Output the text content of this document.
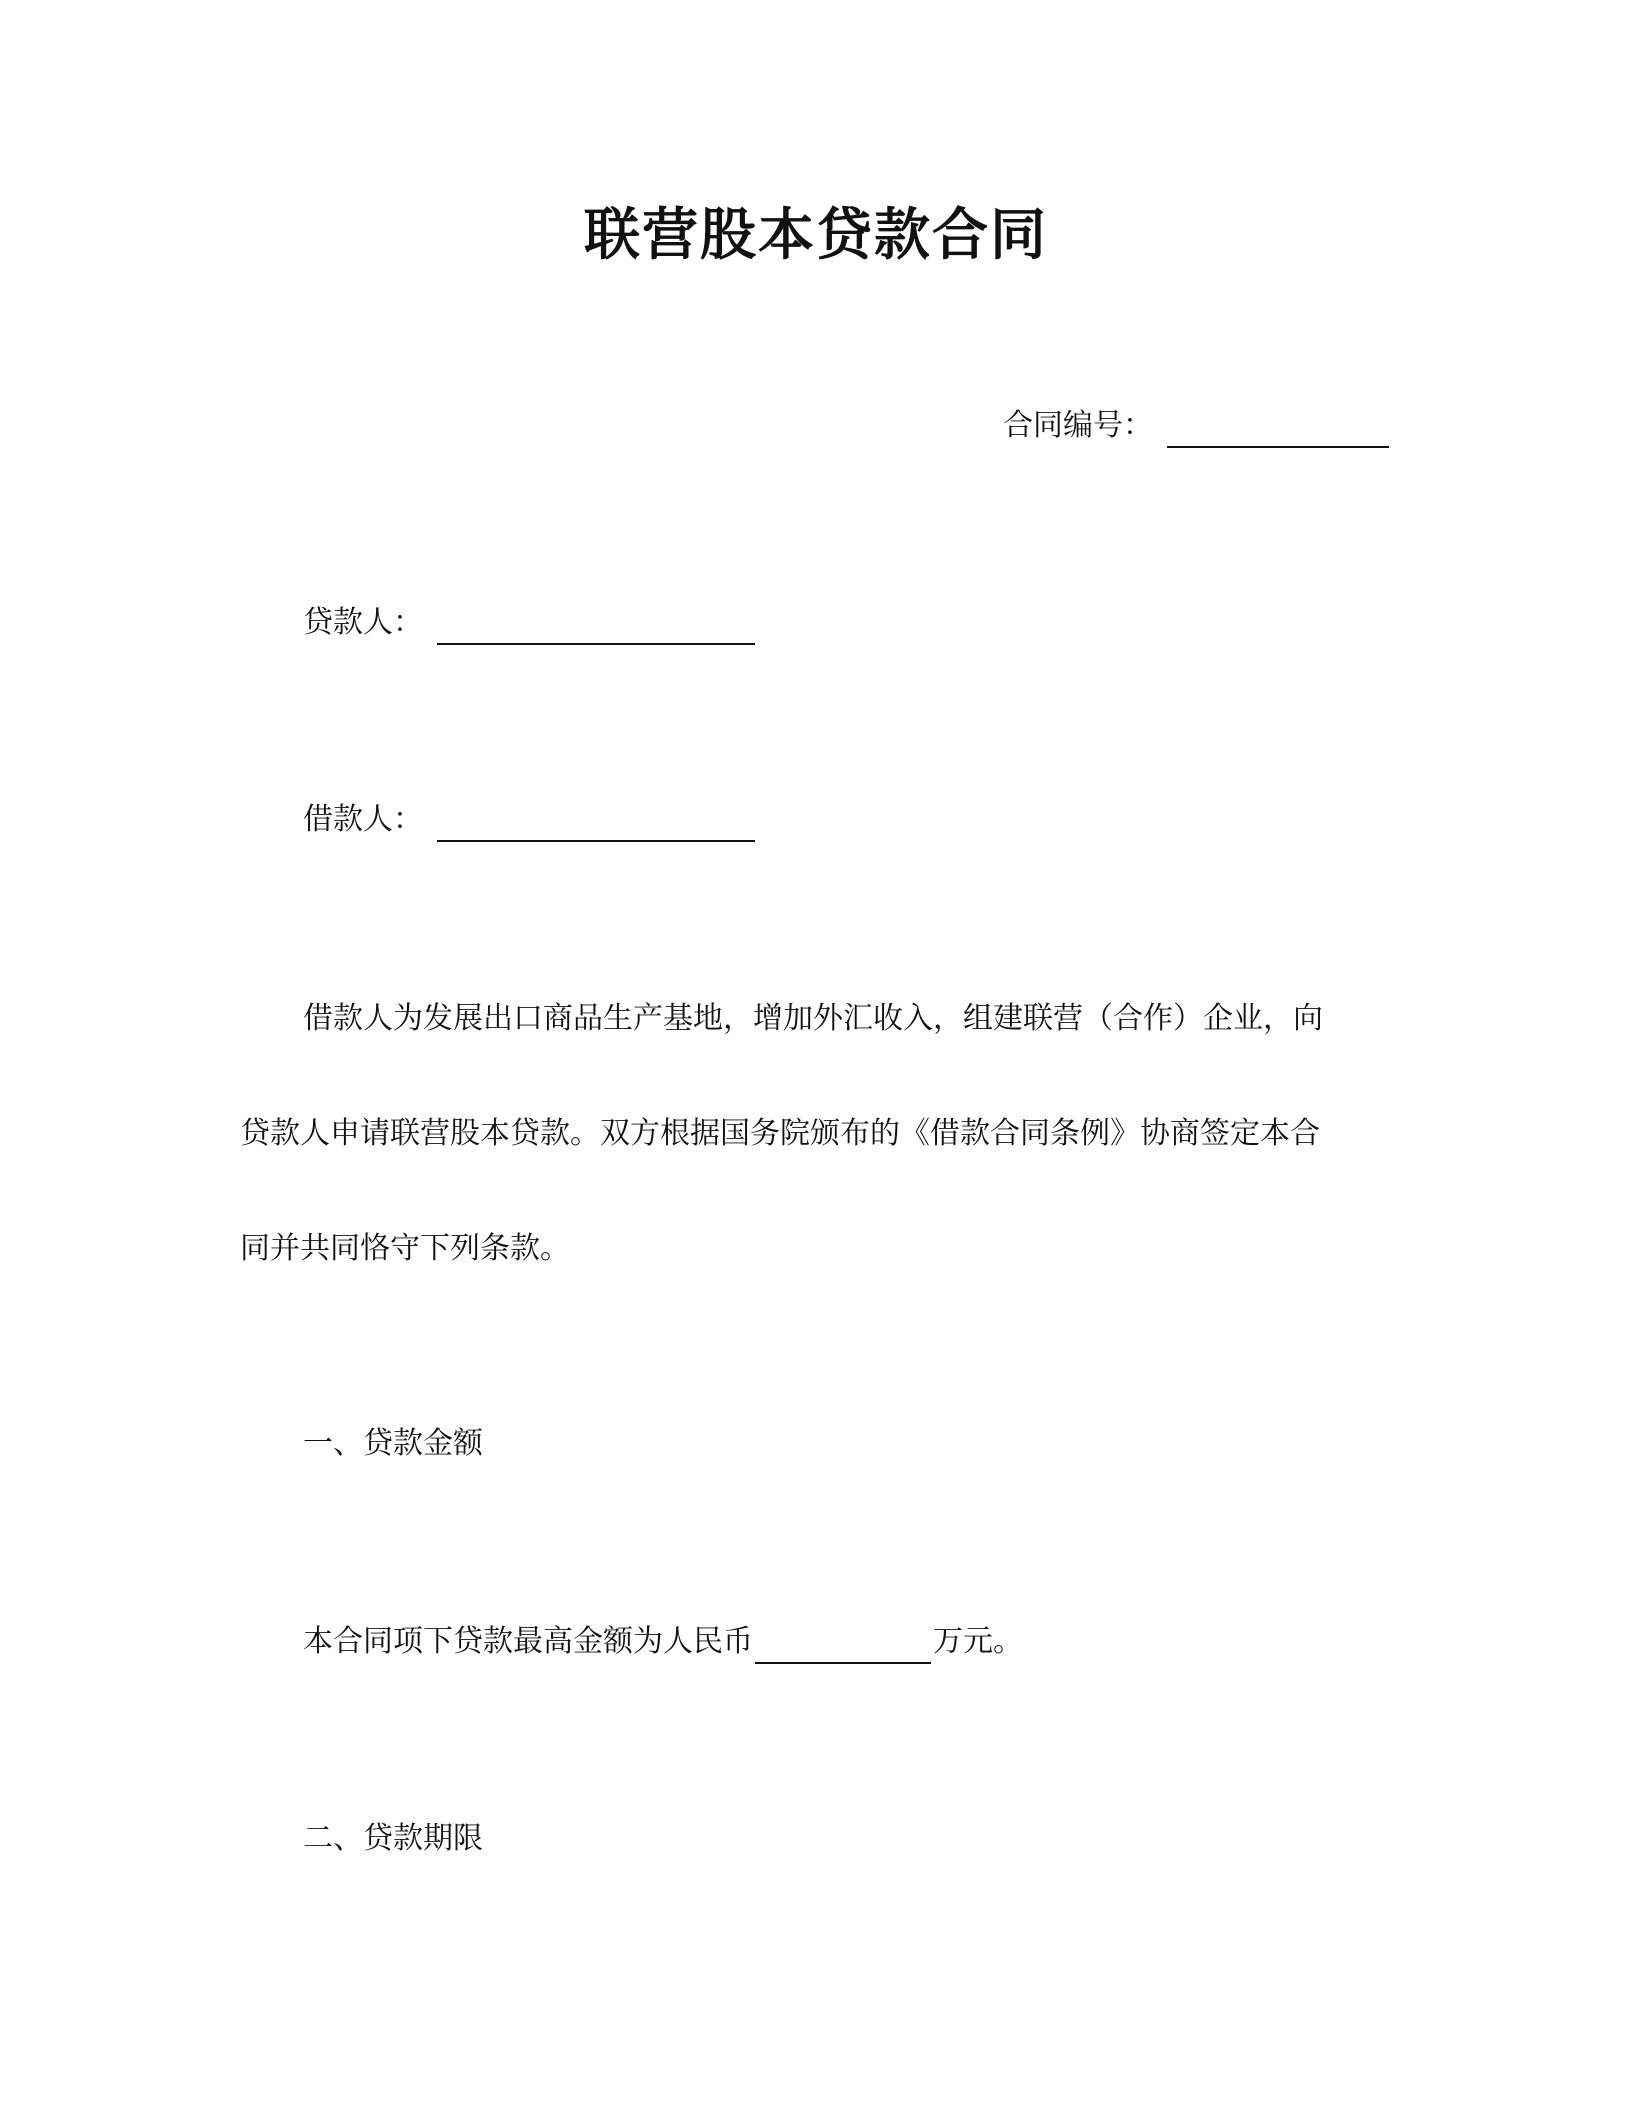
联营股本贷款合同
合同编号：
贷款人：
借款人：
借款人为发展出口商品生产基地，增加外汇收入，组建联营（合作）企业，向
贷款人申请联营股本贷款。双方根据国务院颁布的《借款合同条例》协商签定本合
同并共同恪守下列条款。
一、贷款金额
本合同项下贷款最高金额为人民币	万元。
二、贷款期限
